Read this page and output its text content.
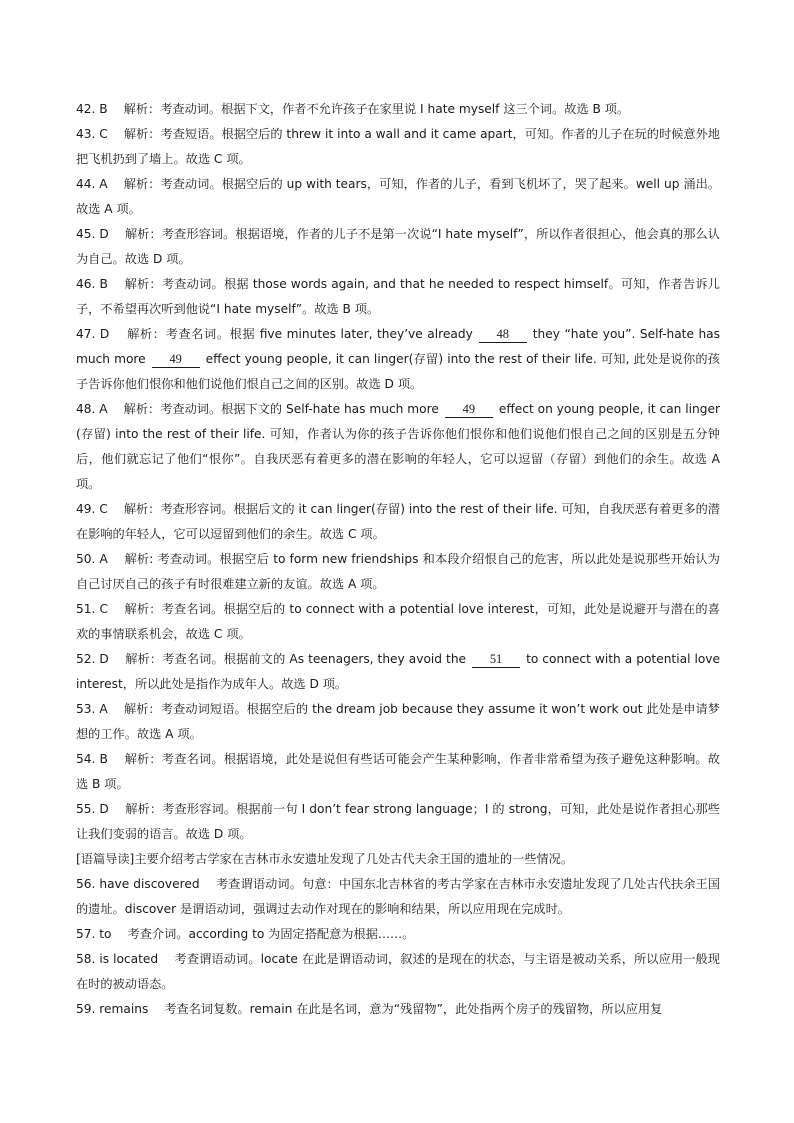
42. B　 解析：考查动词。根据下文，作者不允许孩子在家里说 I hate myself 这三个词。故选 B 项。

43. C　 解析：考查短语。根据空后的 threw it into a wall and it came apart，可知。作者的儿子在玩的时候意外地把飞机扔到了墙上。故选 C 项。

44. A　 解析：考查动词。根据空后的 up with tears，可知，作者的儿子，看到飞机坏了，哭了起来。well up 涌出。故选 A 项。

45. D　 解析：考查形容词。根据语境，作者的儿子不是第一次说“I hate myself”，所以作者很担心，他会真的那么认为自己。故选 D 项。

46. B　 解析：考查动词。根据 those words again, and that he needed to respect himself。可知，作者告诉儿子，不希望再次听到他说“I hate myself”。故选 B 项。

47. D　 解析：考查名词。根据 five minutes later, they’ve already 48 they “hate you”. Self-hate has much more 49 effect young people, it can linger(存留) into the rest of their life. 可知, 此处是说你的孩子告诉你他们恨你和他们说他们恨自己之间的区别。故选 D 项。

48. A　 解析：考查动词。根据下文的 Self-hate has much more 49 effect on young people, it can linger(存留) into the rest of their life. 可知，作者认为你的孩子告诉你他们恨你和他们说他们恨自己之间的区别是五分钟后，他们就忘记了他们“恨你”。自我厌恶有着更多的潜在影响的年轻人，它可以逗留（存留）到他们的余生。故选 A 项。

49. C　 解析：考查形容词。根据后文的 it can linger(存留) into the rest of their life. 可知，自我厌恶有着更多的潜在影响的年轻人，它可以逗留到他们的余生。故选 C 项。

50. A　 解析: 考查动词。根据空后 to form new friendships 和本段介绍恨自己的危害，所以此处是说那些开始认为自己讨厌自己的孩子有时很难建立新的友谊。故选 A 项。

51. C　 解析：考查名词。根据空后的 to connect with a potential love interest，可知，此处是说避开与潜在的喜欢的事情联系机会，故选 C 项。

52. D　 解析：考查名词。根据前文的 As teenagers, they avoid the 51 to connect with a potential love interest，所以此处是指作为成年人。故选 D 项。

53. A　 解析：考查动词短语。根据空后的 the dream job because they assume it won’t work out 此处是申请梦想的工作。故选 A 项。

54. B　 解析：考查名词。根据语境，此处是说但有些话可能会产生某种影响，作者非常希望为孩子避免这种影响。故选 B 项。

55. D　 解析：考查形容词。根据前一句 I don’t fear strong language；I 的 strong，可知，此处是说作者担心那些让我们变弱的语言。故选 D 项。

[语篇导读]主要介绍考古学家在吉林市永安遗址发现了几处古代夫余王国的遗址的一些情况。

56. have discovered　 考查谓语动词。句意：中国东北吉林省的考古学家在吉林市永安遗址发现了几处古代扶余王国的遗址。discover 是谓语动词，强调过去动作对现在的影响和结果，所以应用现在完成时。

57. to　 考查介词。according to 为固定搭配意为根据……。

58. is located　 考查谓语动词。locate 在此是谓语动词，叙述的是现在的状态，与主语是被动关系，所以应用一般现在时的被动语态。

59. remains　 考查名词复数。remain 在此是名词，意为“残留物”，此处指两个房子的残留物，所以应用复
